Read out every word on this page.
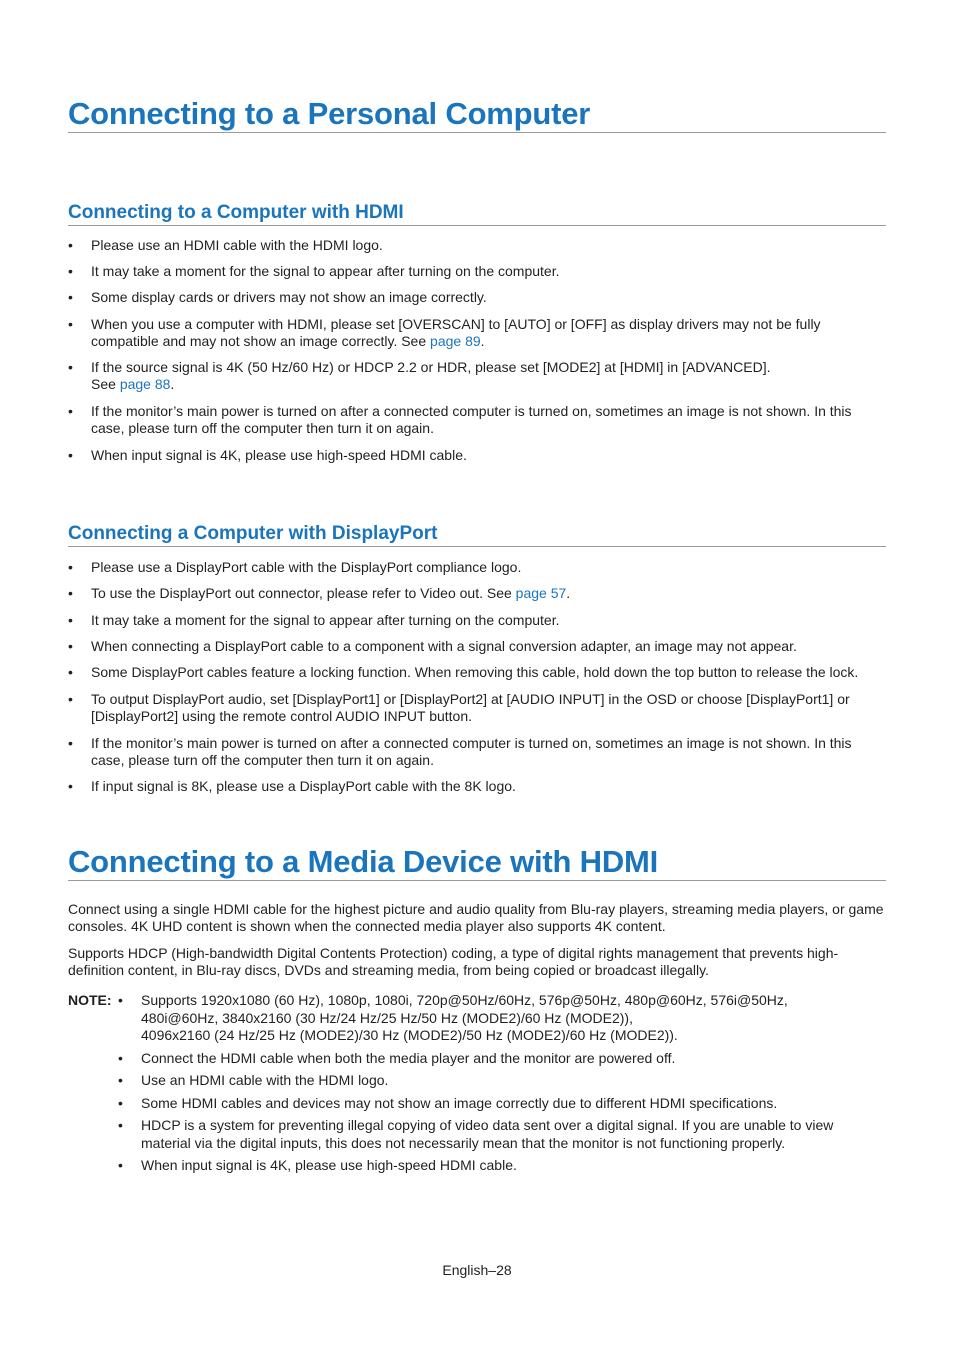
Connecting to a Personal Computer
Connecting to a Computer with HDMI
• Please use an HDMI cable with the HDMI logo.
• It may take a moment for the signal to appear after turning on the computer.
• Some display cards or drivers may not show an image correctly.
• When you use a computer with HDMI, please set [OVERSCAN] to [AUTO] or [OFF] as display drivers may not be fully compatible and may not show an image correctly. See page 89.
• If the source signal is 4K (50 Hz/60 Hz) or HDCP 2.2 or HDR, please set [MODE2] at [HDMI] in [ADVANCED].
See page 88.
• If the monitor’s main power is turned on after a connected computer is turned on, sometimes an image is not shown. In this case, please turn off the computer then turn it on again.
• When input signal is 4K, please use high-speed HDMI cable.
Connecting a Computer with DisplayPort
• Please use a DisplayPort cable with the DisplayPort compliance logo.
• To use the DisplayPort out connector, please refer to Video out. See page 57.
• It may take a moment for the signal to appear after turning on the computer.
• When connecting a DisplayPort cable to a component with a signal conversion adapter, an image may not appear.
• Some DisplayPort cables feature a locking function. When removing this cable, hold down the top button to release the lock.
• To output DisplayPort audio, set [DisplayPort1] or [DisplayPort2] at [AUDIO INPUT] in the OSD or choose [DisplayPort1] or [DisplayPort2] using the remote control AUDIO INPUT button.
• If the monitor’s main power is turned on after a connected computer is turned on, sometimes an image is not shown. In this case, please turn off the computer then turn it on again.
• If input signal is 8K, please use a DisplayPort cable with the 8K logo.
Connecting to a Media Device with HDMI

Connect using a single HDMI cable for the highest picture and audio quality from Blu-ray players, streaming media players, or game consoles. 4K UHD content is shown when the connected media player also supports 4K content.

Supports HDCP (High-bandwidth Digital Contents Protection) coding, a type of digital rights management that prevents high-definition content, in Blu-ray discs, DVDs and streaming media, from being copied or broadcast illegally.

NOTE: • Supports 1920x1080 (60 Hz), 1080p, 1080i, 720p@50Hz/60Hz, 576p@50Hz, 480p@60Hz, 576i@50Hz,
480i@60Hz, 3840x2160 (30 Hz/24 Hz/25 Hz/50 Hz (MODE2)/60 Hz (MODE2)),
4096x2160 (24 Hz/25 Hz (MODE2)/30 Hz (MODE2)/50 Hz (MODE2)/60 Hz (MODE2)).
• Connect the HDMI cable when both the media player and the monitor are powered off.
• Use an HDMI cable with the HDMI logo.
• Some HDMI cables and devices may not show an image correctly due to different HDMI specifications.
• HDCP is a system for preventing illegal copying of video data sent over a digital signal. If you are unable to view material via the digital inputs, this does not necessarily mean that the monitor is not functioning properly.
• When input signal is 4K, please use high-speed HDMI cable.
English–28
